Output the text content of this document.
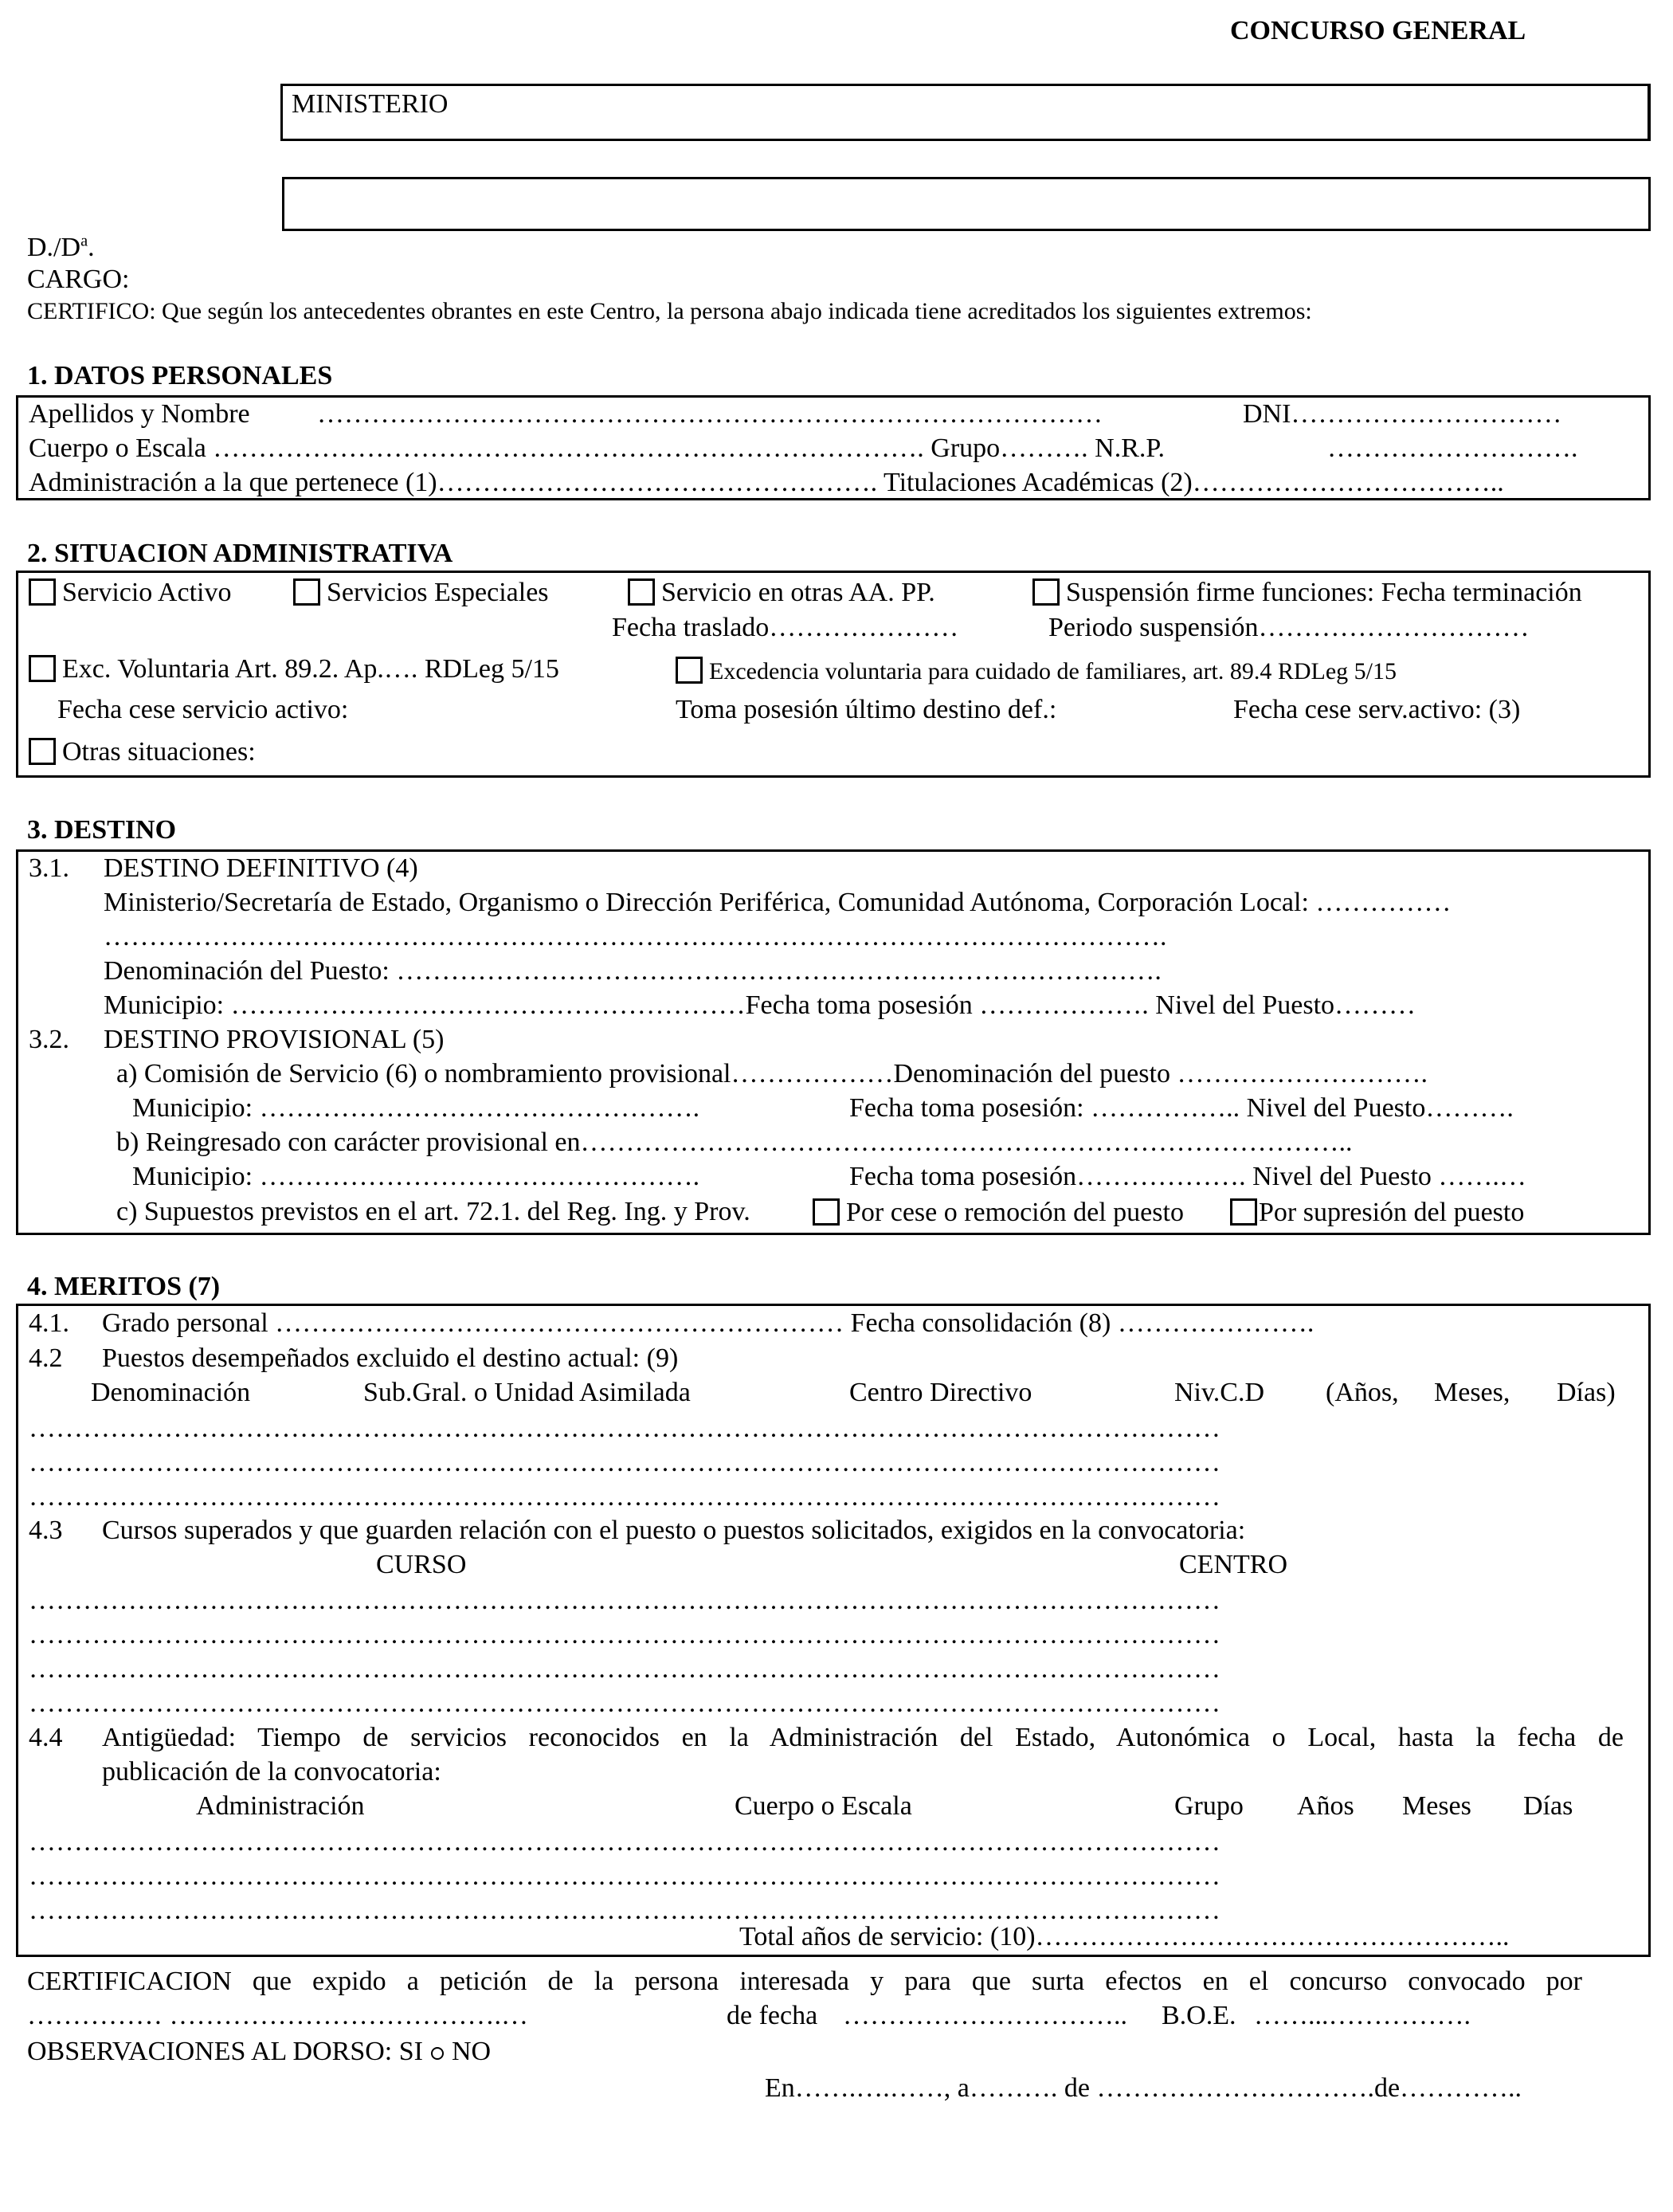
CONCURSO GENERAL
MINISTERIO
$D./D^a$.
CARGO:
CERTIFICO: Que según los antecedentes obrantes en este Centro, la persona abajo indicada tiene acreditados los siguientes extremos:
1. DATOS PERSONALES
Apellidos y Nombre ……………………………………………………………………………	DNI…………………………
Cuerpo o Escala ……………………………………………………………………. Grupo………. N.R.P.	……………………….
Administración a la que pertenece (1)…………………………………………. Titulaciones Académicas (2)……………………………..
2. SITUACION ADMINISTRATIVA
Servicio Activo	Servicios Especiales	Servicio en otras AA. PP.	Suspensión firme funciones: Fecha terminación
Fecha traslado…………………	Periodo suspensión…………………………
Exc. Voluntaria Art. 89.2. Ap.…. RDLeg 5/15	Excedencia voluntaria para cuidado de familiares, art. 89.4 RDLeg 5/15
Fecha cese servicio activo:	Toma posesión último destino def.:	Fecha cese serv.activo: (3)
Otras situaciones:
3. DESTINO
3.1. DESTINO DEFINITIVO (4)
Ministerio/Secretaría de Estado, Organismo o Dirección Periférica, Comunidad Autónoma, Corporación Local: ……………
……………………………………………………………………………………………………….
Denominación del Puesto: ………………………………………………………………………….
Municipio: …………………………………………………Fecha toma posesión ………………. Nivel del Puesto………
3.2. DESTINO PROVISIONAL (5)
a) Comisión de Servicio (6) o nombramiento provisional………………Denominación del puesto ……………………….
Municipio: ………………………………………….	Fecha toma posesión: …………….. Nivel del Puesto……….
b) Reingresado con carácter provisional en…………………………………………………………………………..
Municipio: ………………………………………….	Fecha toma posesión………………. Nivel del Puesto …….…
c) Supuestos previstos en el art. 72.1. del Reg. Ing. y Prov.	Por cese o remoción del puesto	Por supresión del puesto
4. MERITOS (7)
4.1. Grado personal ……………………………………………………… Fecha consolidación (8) ………………….
4.2 Puestos desempeñados excluido el destino actual: (9)
Denominación	Sub.Gral. o Unidad Asimilada	Centro Directivo	Niv.C.D (Años, Meses, Días)
……………………………………………………………………………………………………………………
……………………………………………………………………………………………………………………
……………………………………………………………………………………………………………………
4.3 Cursos superados y que guarden relación con el puesto o puestos solicitados, exigidos en la convocatoria:
CURSO	CENTRO
……………………………………………………………………………………………………………………
……………………………………………………………………………………………………………………
……………………………………………………………………………………………………………………
……………………………………………………………………………………………………………………
4.4 Antigüedad: Tiempo de servicios reconocidos en la Administración del Estado, Autonómica o Local, hasta la fecha de
publicación de la convocatoria:
Administración	Cuerpo o Escala	Grupo Años Meses Días
……………………………………………………………………………………………………………………
……………………………………………………………………………………………………………………
……………………………………………………………………………………………………………………
Total años de servicio: (10)……………………………………………..
CERTIFICACION que expido a petición de la persona interesada y para que surta efectos en el concurso convocado por
…………… ……………………………….…	de fecha ………………………….. B.O.E. ……...…………….
OBSERVACIONES AL DORSO: SI NO
En…….….……, a………. de ………………………….de…………..
